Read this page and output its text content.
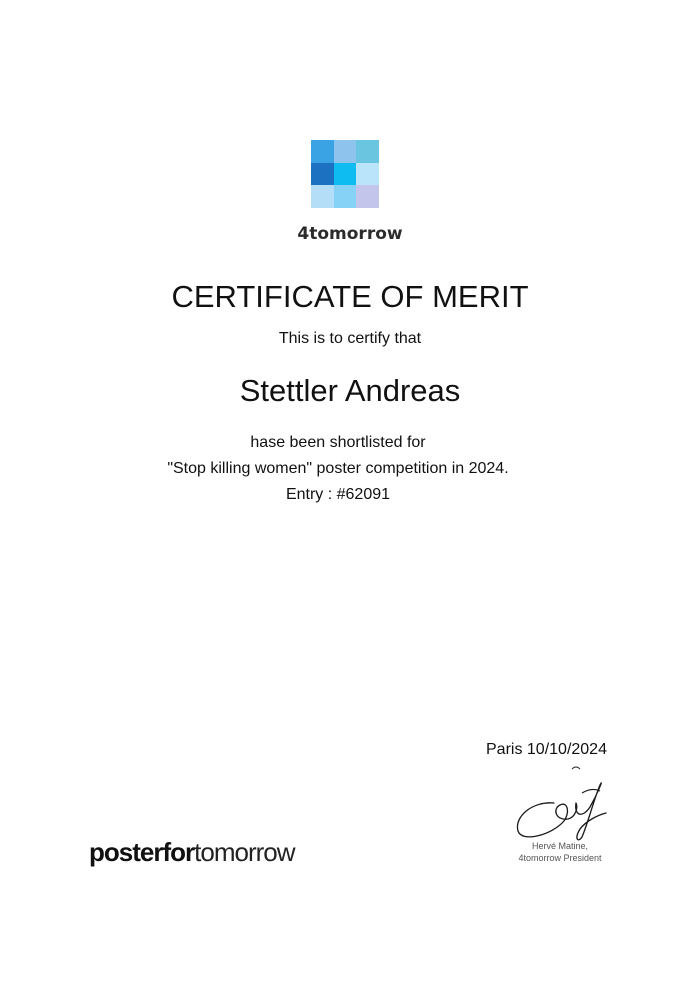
4tomorrow
CERTIFICATE OF MERIT
This is to certify that
Stettler Andreas
hase been shortlisted for
"Stop killing women" poster competition in 2024.
Entry : #62091
Paris 10/10/2024
Hervé Matine,
4tomorrow President
posterfortomorrow
